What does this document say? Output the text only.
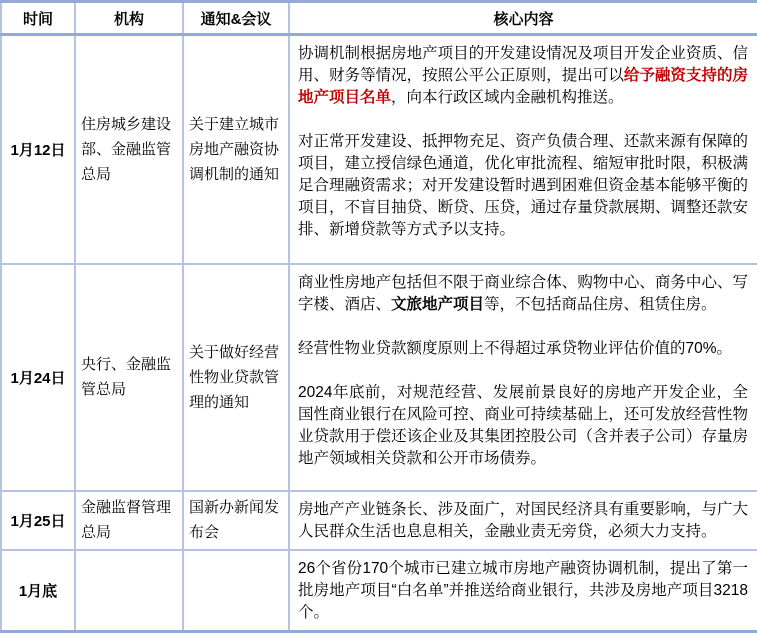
时间	机构	通知&会议	核心内容
1月12日	住房城乡建设部、金融监管总局	关于建立城市房地产融资协调机制的通知	协调机制根据房地产项目的开发建设情况及项目开发企业资质、信用、财务等情况，按照公平公正原则，提出可以给予融资支持的房地产项目名单，向本行政区域内金融机构推送。

对正常开发建设、抵押物充足、资产负债合理、还款来源有保障的项目，建立授信绿色通道，优化审批流程、缩短审批时限，积极满足合理融资需求；对开发建设暂时遇到困难但资金基本能够平衡的项目，不盲目抽贷、断贷、压贷，通过存量贷款展期、调整还款安排、新增贷款等方式予以支持。

1月24日	央行、金融监管总局	关于做好经营性物业贷款管理的通知	商业性房地产包括但不限于商业综合体、购物中心、商务中心、写字楼、酒店、文旅地产项目等，不包括商品住房、租赁住房。

经营性物业贷款额度原则上不得超过承贷物业评估价值的70%。

2024年底前，对规范经营、发展前景良好的房地产开发企业，全国性商业银行在风险可控、商业可持续基础上，还可发放经营性物业贷款用于偿还该企业及其集团控股公司（含并表子公司）存量房地产领域相关贷款和公开市场债券。

1月25日	金融监督管理总局	国新办新闻发布会	房地产产业链条长、涉及面广，对国民经济具有重要影响，与广大人民群众生活也息息相关，金融业责无旁贷，必须大力支持。

1月底			26个省份170个城市已建立城市房地产融资协调机制，提出了第一批房地产项目“白名单”并推送给商业银行，共涉及房地产项目3218个。
